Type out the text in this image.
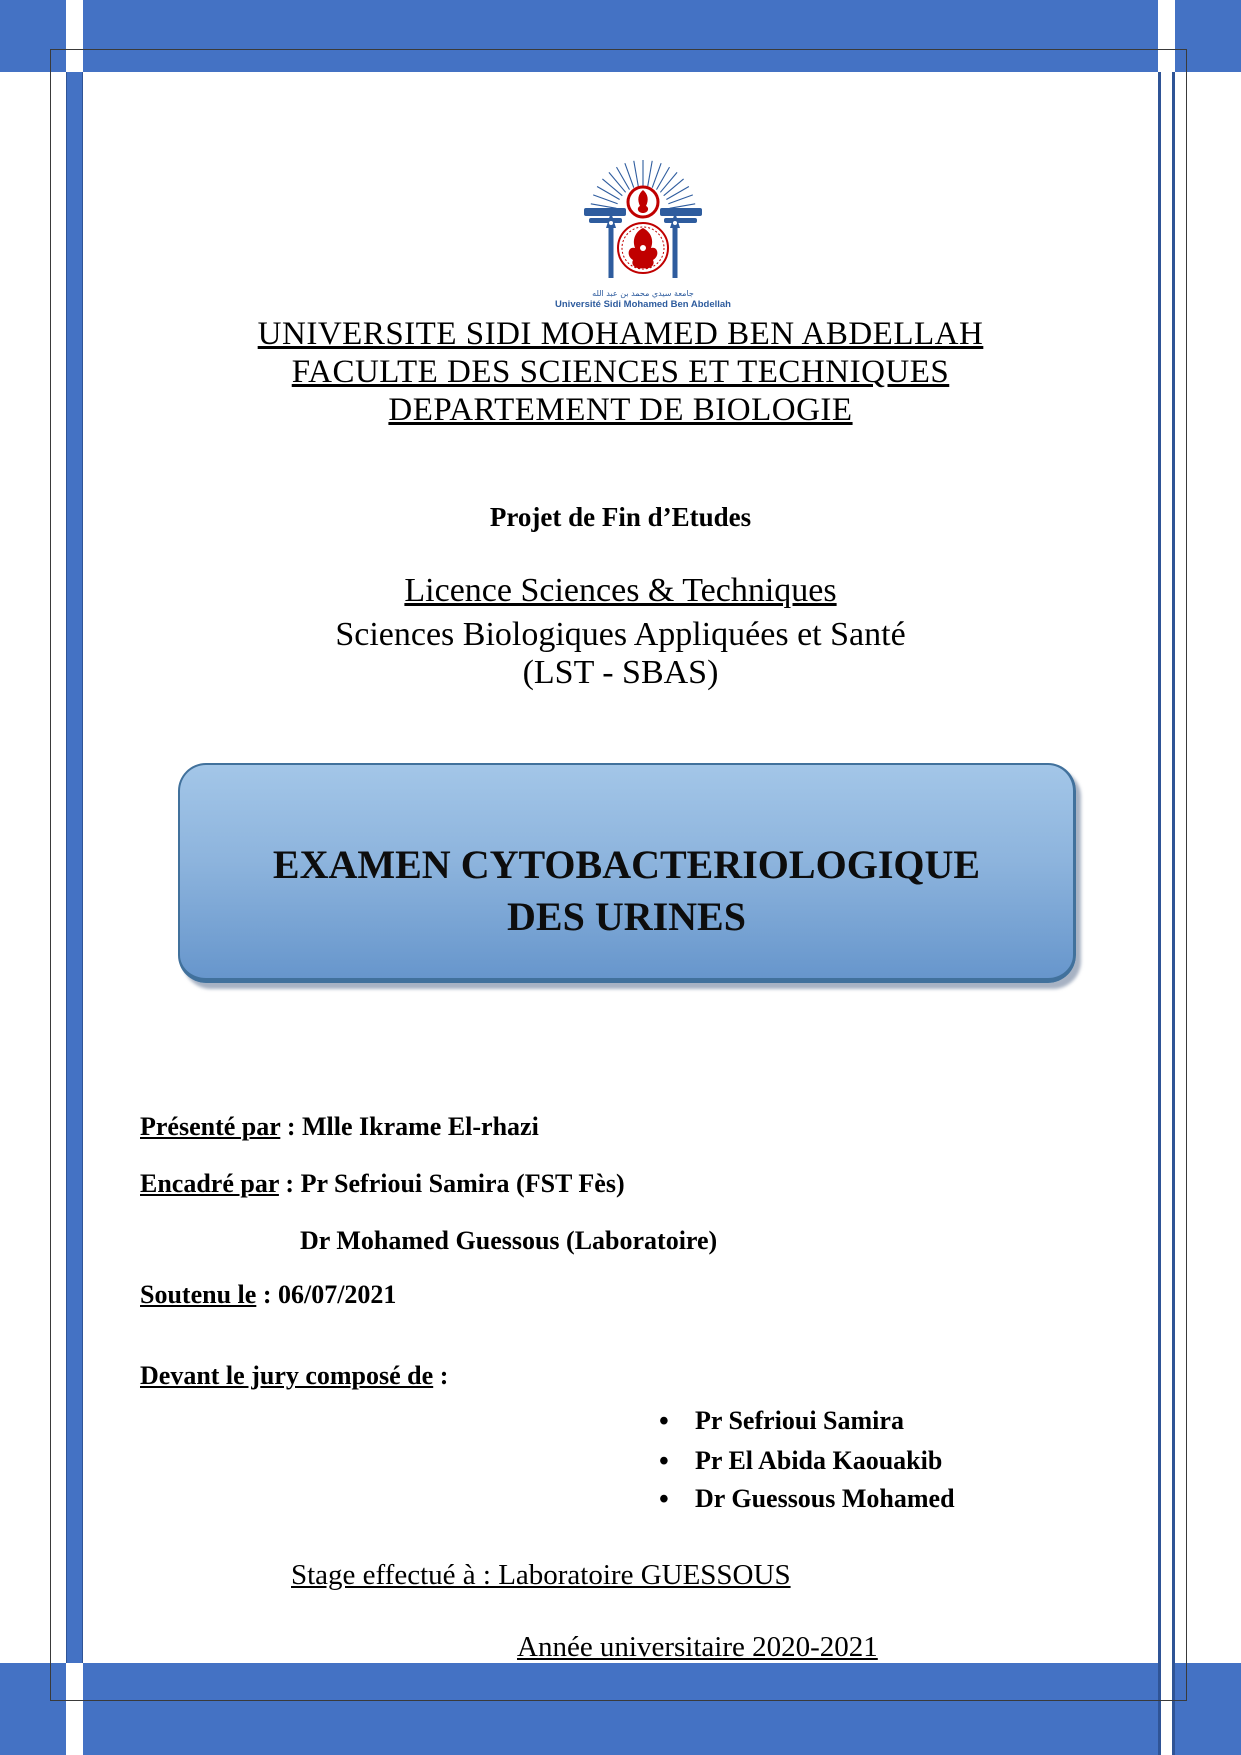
جامعة سيدي محمد بن عبد الله
Université Sidi Mohamed Ben Abdellah
UNIVERSITE SIDI MOHAMED BEN ABDELLAH
FACULTE DES SCIENCES ET TECHNIQUES
DEPARTEMENT DE BIOLOGIE
Projet de Fin d’Etudes
Licence Sciences & Techniques
Sciences Biologiques Appliquées et Santé
(LST - SBAS)
EXAMEN CYTOBACTERIOLOGIQUE
DES URINES
Présenté par : Mlle Ikrame El-rhazi
Encadré par : Pr Sefrioui Samira (FST Fès)
Dr Mohamed Guessous (Laboratoire)
Soutenu le : 06/07/2021
Devant le jury composé de :
• Pr Sefrioui Samira
• Pr El Abida Kaouakib
• Dr Guessous Mohamed
Stage effectué à : Laboratoire GUESSOUS
Année universitaire 2020-2021
